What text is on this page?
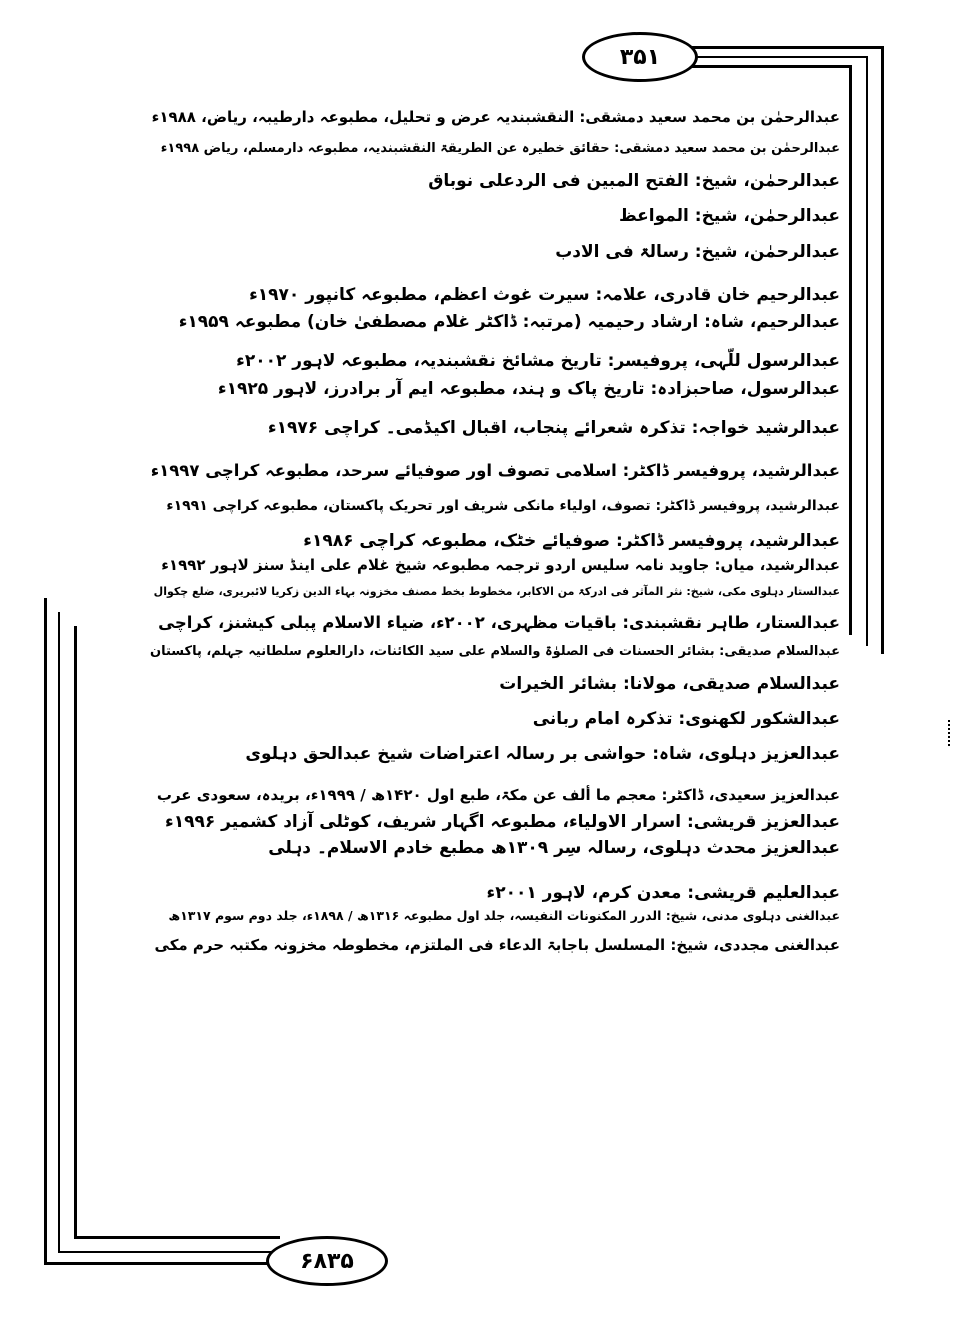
۳۵۱
۶۸۳۵

عبدالرحمٰن بن محمد سعید دمشقی: النقشبندیہ عرض و تحلیل، مطبوعہ دارطیبہ، ریاض، ۱۹۸۸ء

عبدالرحمٰن بن محمد سعید دمشقی: حقائق خطیرہ عن الطریقۃ النقشبندیہ، مطبوعہ دارمسلم، ریاض ۱۹۹۸ء

عبدالرحمٰن، شیخ: الفتح المبین فی الردعلی نوباق

عبدالرحمٰن، شیخ: المواعظ

عبدالرحمٰن، شیخ: رسالۃ فی الادب

عبدالرحیم خان قادری، علامہ: سیرت غوث اعظم، مطبوعہ کانپور ۱۹۷۰ء

عبدالرحیم، شاہ: ارشاد رحیمیہ (مرتبہ: ڈاکٹر غلام مصطفیٰ خان) مطبوعہ ۱۹۵۹ء

عبدالرسول للّہی، پروفیسر: تاریخ مشائخ نقشبندیہ، مطبوعہ لاہور ۲۰۰۲ء

عبدالرسول، صاحبزادہ: تاریخ پاک و ہند، مطبوعہ ایم آر برادرز، لاہور ۱۹۲۵ء

عبدالرشید خواجہ: تذکرہ شعرائے پنجاب، اقبال اکیڈمی۔ کراچی ۱۹۷۶ء

عبدالرشید، پروفیسر ڈاکٹر: اسلامی تصوف اور صوفیائے سرحد، مطبوعہ کراچی ۱۹۹۷ء

عبدالرشید، پروفیسر ڈاکٹر: تصوف، اولیاء مانکی شریف اور تحریک پاکستان، مطبوعہ کراچی ۱۹۹۱ء

عبدالرشید، پروفیسر ڈاکٹر: صوفیائے خٹک، مطبوعہ کراچی ۱۹۸۶ء

عبدالرشید، میاں: جاوید نامہ سلیس اردو ترجمہ مطبوعہ شیخ غلام علی اینڈ سنز لاہور ۱۹۹۲ء

عبدالستار دہلوی مکی، شیخ: نثر المآثر فی ادرکۃ من الاکابر، مخطوط بخط مصنف مخزونہ بہاء الدین زکریا لائبریری، ضلع چکوال

عبدالستار، طاہر نقشبندی: باقیات مظہری، ۲۰۰۲ء، ضیاء الاسلام پبلی کیشنز، کراچی

عبدالسلام صدیقی: بشائر الحسنات فی الصلوٰۃ والسلام علی سید الکائنات، دارالعلوم سلطانیہ جہلم، پاکستان

عبدالسلام صدیقی، مولانا: بشائر الخیرات

عبدالشکور لکھنوی: تذکرہ امام ربانی

عبدالعزیز دہلوی، شاہ: حواشی بر رسالہ اعتراضات شیخ عبدالحق دہلوی

عبدالعزیز سعیدی، ڈاکٹر: معجم ما ألف عن مکۃ، طبع اول ۱۴۲۰ھ / ۱۹۹۹ء، بریدہ، سعودی عرب

عبدالعزیز قریشی: اسرار الاولیاء، مطبوعہ اگہار شریف، کوٹلی آزاد کشمیر ۱۹۹۶ء

عبدالعزیز محدث دہلوی، رسالہ سِر ۱۳۰۹ھ مطبع خادم الاسلام۔ دہلی

عبدالعلیم قریشی: معدن کرم، لاہور ۲۰۰۱ء

عبدالغنی دہلوی مدنی، شیخ: الدرر المکنونات النفیسہ، جلد اول مطبوعہ ۱۳۱۶ھ / ۱۸۹۸ء، جلد دوم سوم ۱۳۱۷ھ

عبدالغنی مجددی، شیخ: المسلسل باجابۃ الدعاء فی الملتزم، مخطوطہ مخزونہ مکتبہ حرم مکی
